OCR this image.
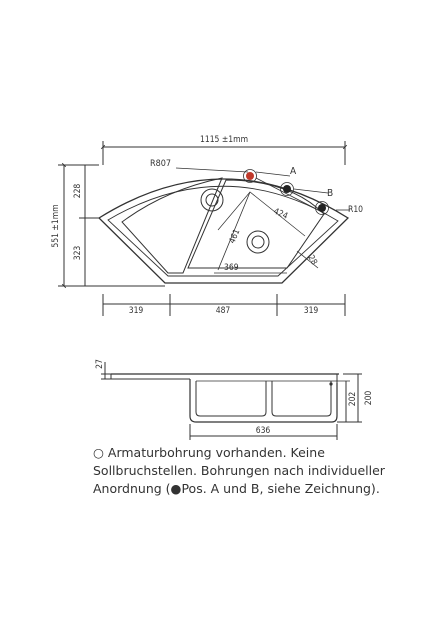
1115 ±1mm
551 ±1mm
228
323
R807
A
B
R10
424
461
369
28
319	487	319
27
200
202
636

○ Armaturbohrung vorhanden. Keine

Sollbruchstellen. Bohrungen nach individueller

Anordnung (●Pos. A und B, siehe Zeichnung).
